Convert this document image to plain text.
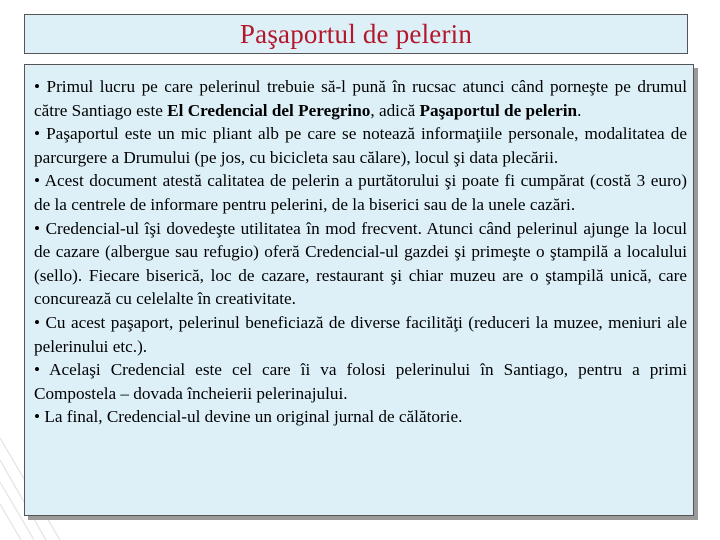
Paşaportul de pelerin

• Primul lucru pe care pelerinul trebuie să-l pună în rucsac atunci când porneşte pe drumul către Santiago este El Credencial del Peregrino, adică Paşaportul de pelerin.

• Paşaportul este un mic pliant alb pe care se notează informaţiile personale, modalitatea de parcurgere a Drumului (pe jos, cu bicicleta sau călare), locul şi data plecării.

• Acest document atestă calitatea de pelerin a purtătorului şi poate fi cumpărat (costă 3 euro) de la centrele de informare pentru pelerini, de la biserici sau de la unele cazări.

• Credencial-ul îşi dovedeşte utilitatea în mod frecvent. Atunci când pelerinul ajunge la locul de cazare (albergue sau refugio) oferă Credencial-ul gazdei şi primeşte o ştampilă a localului (sello). Fiecare biserică, loc de cazare, restaurant şi chiar muzeu are o ştampilă unică, care concurează cu celelalte în creativitate.

• Cu acest paşaport, pelerinul beneficiază de diverse facilităţi (reduceri la muzee, meniuri ale pelerinului etc.).

• Acelaşi Credencial este cel care îi va folosi pelerinului în Santiago, pentru a primi Compostela – dovada încheierii pelerinajului.

• La final, Credencial-ul devine un original jurnal de călătorie.
